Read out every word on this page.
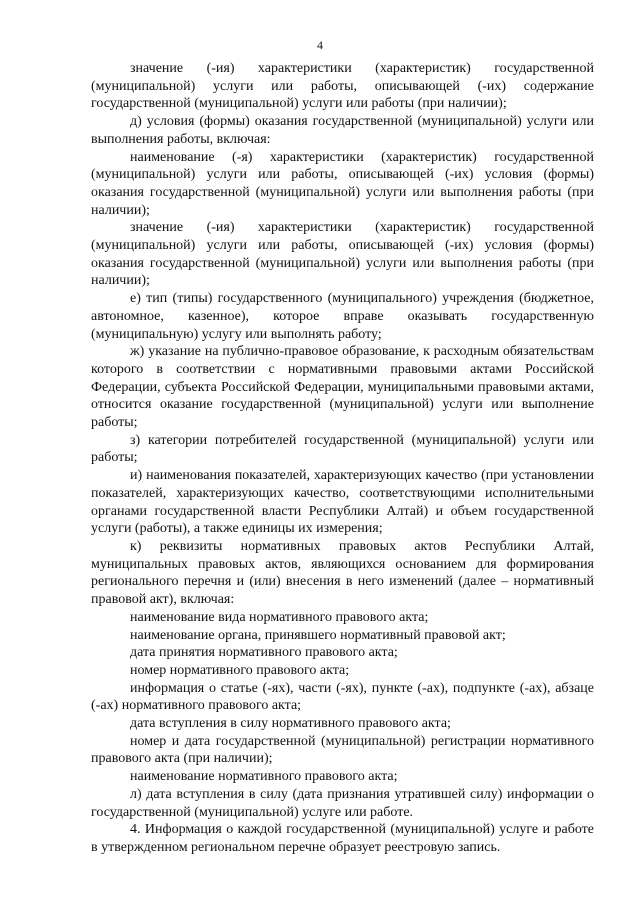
4

значение (-ия) характеристики (характеристик) государственной (муниципальной) услуги или работы, описывающей (-их) содержание государственной (муниципальной) услуги или работы (при наличии);

д) условия (формы) оказания государственной (муниципальной) услуги или выполнения работы, включая:

наименование (-я) характеристики (характеристик) государственной (муниципальной) услуги или работы, описывающей (-их) условия (формы) оказания государственной (муниципальной) услуги или выполнения работы (при наличии);

значение (-ия) характеристики (характеристик) государственной (муниципальной) услуги или работы, описывающей (-их) условия (формы) оказания государственной (муниципальной) услуги или выполнения работы (при наличии);

е) тип (типы) государственного (муниципального) учреждения (бюджетное, автономное, казенное), которое вправе оказывать государственную (муниципальную) услугу или выполнять работу;

ж) указание на публично-правовое образование, к расходным обязательствам которого в соответствии с нормативными правовыми актами Российской Федерации, субъекта Российской Федерации, муниципальными правовыми актами, относится оказание государственной (муниципальной) услуги или выполнение работы;

з) категории потребителей государственной (муниципальной) услуги или работы;

и) наименования показателей, характеризующих качество (при установлении показателей, характеризующих качество, соответствующими исполнительными органами государственной власти Республики Алтай) и объем государственной услуги (работы), а также единицы их измерения;

к) реквизиты нормативных правовых актов Республики Алтай, муниципальных правовых актов, являющихся основанием для формирования регионального перечня и (или) внесения в него изменений (далее – нормативный правовой акт), включая:

наименование вида нормативного правового акта;

наименование органа, принявшего нормативный правовой акт;

дата принятия нормативного правового акта;

номер нормативного правового акта;

информация о статье (-ях), части (-ях), пункте (-ах), подпункте (-ах), абзаце (-ах) нормативного правового акта;

дата вступления в силу нормативного правового акта;

номер и дата государственной (муниципальной) регистрации нормативного правового акта (при наличии);

наименование нормативного правового акта;

л) дата вступления в силу (дата признания утратившей силу) информации о государственной (муниципальной) услуге или работе.

4. Информация о каждой государственной (муниципальной) услуге и работе в утвержденном региональном перечне образует реестровую запись.
